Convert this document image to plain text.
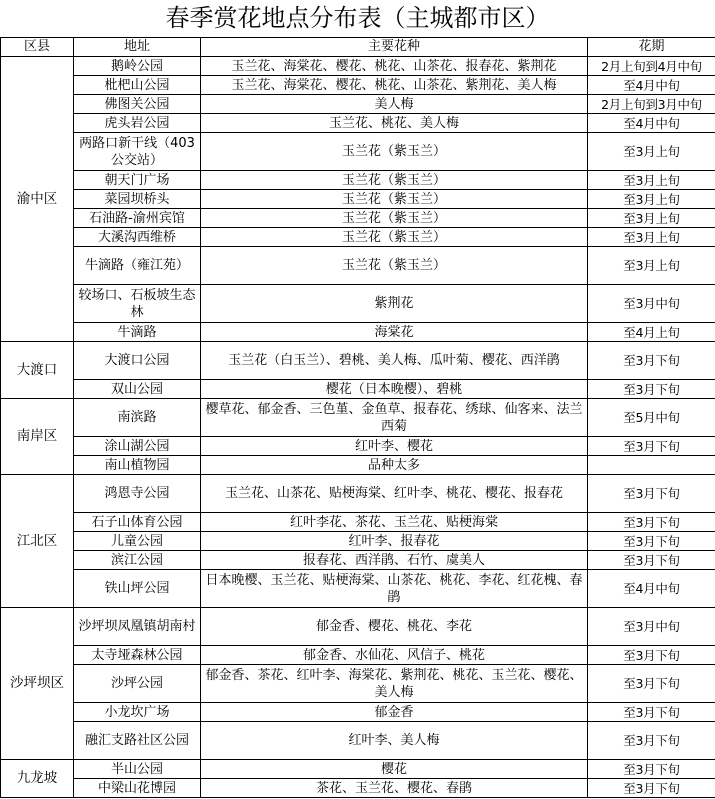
春季赏花地点分布表（主城都市区）
区县	地址	主要花种	花期
渝中区	鹅岭公园	玉兰花、海棠花、樱花、桃花、山茶花、报春花、紫荆花	2月上旬到4月中旬
	枇杷山公园	玉兰花、海棠花、樱花、桃花、山茶花、紫荆花、美人梅	至4月中旬
	佛图关公园	美人梅	2月上旬到3月中旬
	虎头岩公园	玉兰花、桃花、美人梅	至4月中旬
	两路口新干线（403公交站）	玉兰花（紫玉兰）	至3月上旬
	朝天门广场	玉兰花（紫玉兰）	至3月上旬
	菜园坝桥头	玉兰花（紫玉兰）	至3月上旬
	石油路-渝州宾馆	玉兰花（紫玉兰）	至3月上旬
	大溪沟西维桥	玉兰花（紫玉兰）	至3月上旬
	牛滴路（雍江苑）	玉兰花（紫玉兰）	至3月上旬
	较场口、石板坡生态林	紫荆花	至3月中旬
	牛滴路	海棠花	至4月上旬
大渡口	大渡口公园	玉兰花（白玉兰）、碧桃、美人梅、瓜叶菊、樱花、西洋鹃	至3月下旬
	双山公园	樱花（日本晚樱）、碧桃	至3月下旬
南岸区	南滨路	樱草花、郁金香、三色堇、金鱼草、报春花、绣球、仙客来、法兰西菊	至5月中旬
	涂山湖公园	红叶李、樱花	至3月下旬
	南山植物园	品种太多	
江北区	鸿恩寺公园	玉兰花、山茶花、贴梗海棠、红叶李、桃花、樱花、报春花	至3月下旬
	石子山体育公园	红叶李花、茶花、玉兰花、贴梗海棠	至3月下旬
	儿童公园	红叶李、报春花	至3月下旬
	滨江公园	报春花、西洋鹃、石竹、虞美人	至3月下旬
	铁山坪公园	日本晚樱、玉兰花、贴梗海棠、山茶花、桃花、李花、红花槐、春鹃	至4月中旬
沙坪坝区	沙坪坝凤凰镇胡南村	郁金香、樱花、桃花、李花	至3月中旬
	太寺垭森林公园	郁金香、水仙花、风信子、桃花	至3月下旬
	沙坪公园	郁金香、茶花、红叶李、海棠花、紫荆花、桃花、玉兰花、樱花、美人梅	至3月下旬
	小龙坎广场	郁金香	至3月下旬
	融汇支路社区公园	红叶李、美人梅	至3月下旬
九龙坡	半山公园	樱花	至3月下旬
	中梁山花博园	茶花、玉兰花、樱花、春鹃	至3月下旬
